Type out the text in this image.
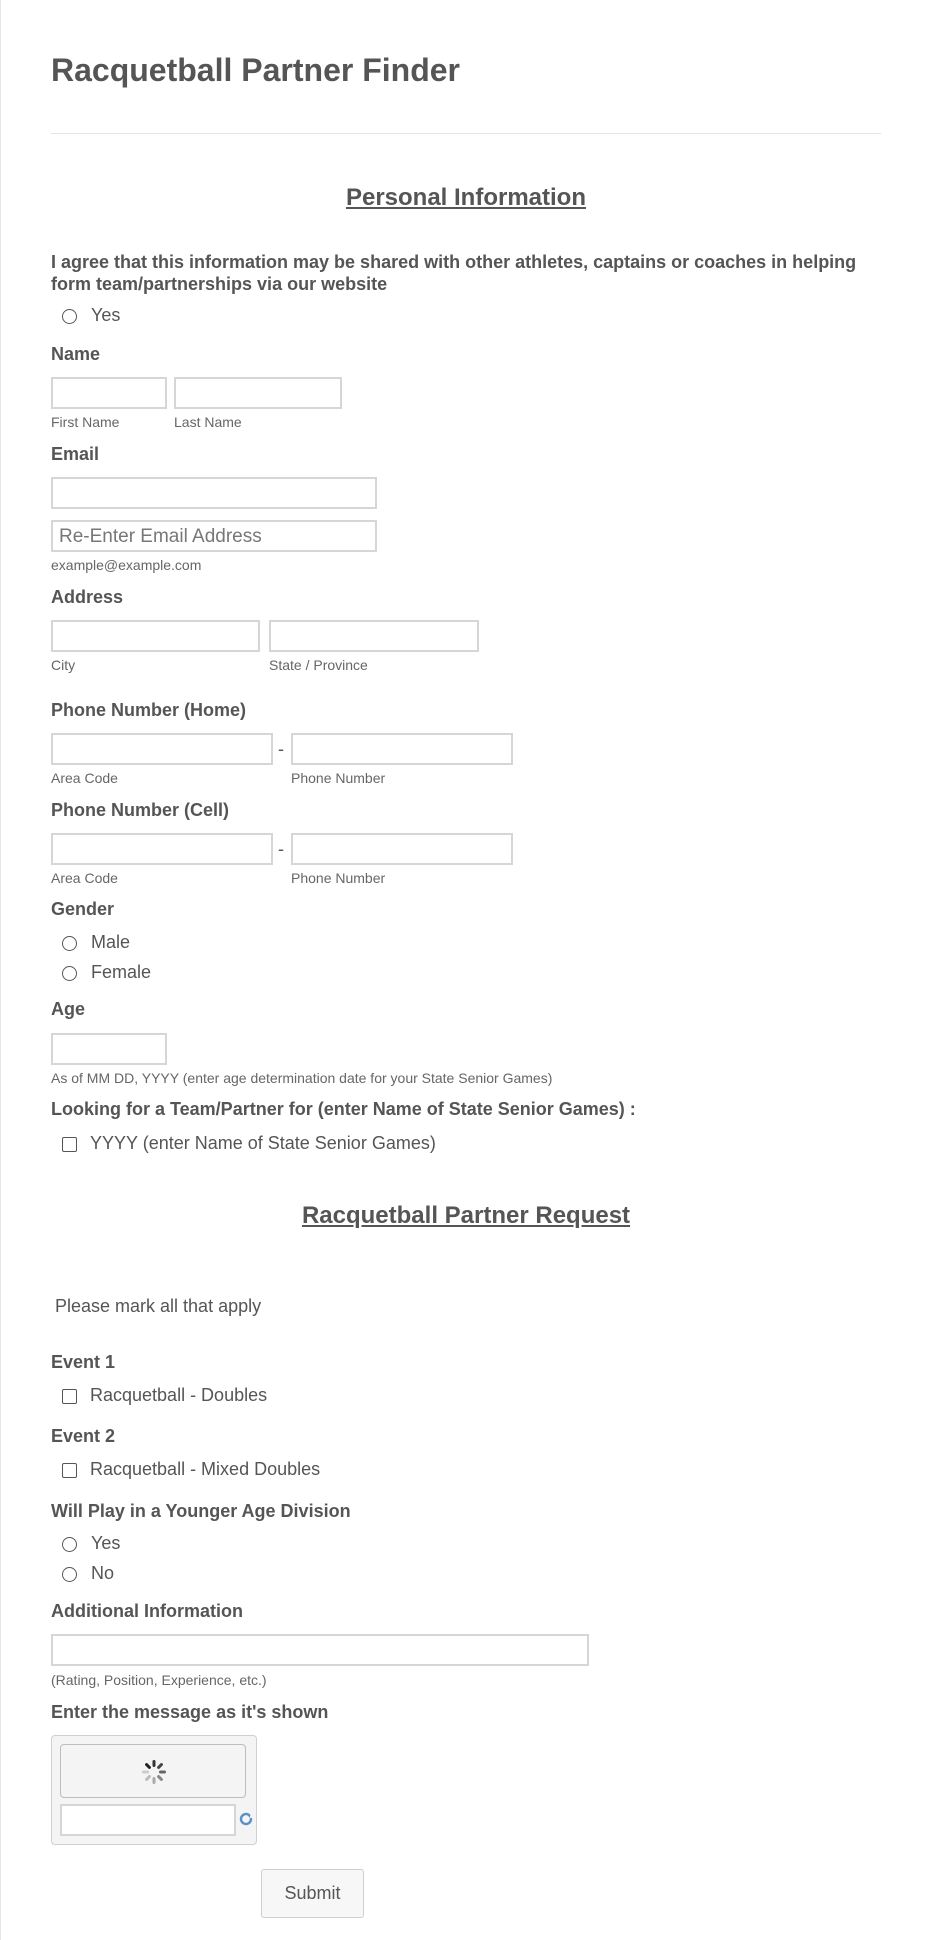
Racquetball Partner Finder
Personal Information
I agree that this information may be shared with other athletes, captains or coaches in helping form team/partnerships via our website
Yes
Name
First Name	Last Name
Email
Re-Enter Email Address
example@example.com
Address
City	State / Province
Phone Number (Home)
-
Area Code	Phone Number
Phone Number (Cell)
-
Area Code	Phone Number
Gender
Male
Female
Age
As of MM DD, YYYY (enter age determination date for your State Senior Games)
Looking for a Team/Partner for (enter Name of State Senior Games) :
YYYY (enter Name of State Senior Games)
Racquetball Partner Request
Please mark all that apply
Event 1
Racquetball - Doubles
Event 2
Racquetball - Mixed Doubles
Will Play in a Younger Age Division
Yes
No
Additional Information
(Rating, Position, Experience, etc.)
Enter the message as it's shown
Submit
